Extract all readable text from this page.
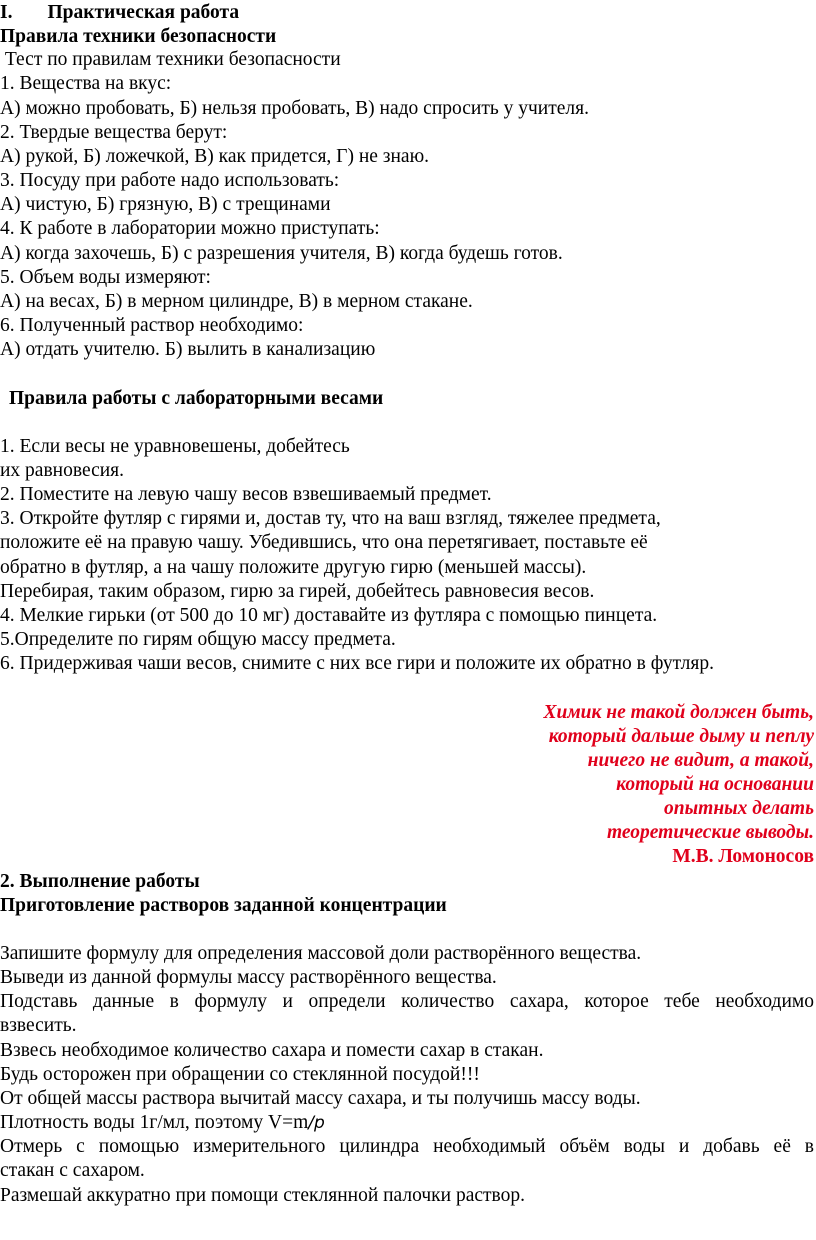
I. Практическая работа
Правила техники безопасности
Тест по правилам техники безопасности
1. Вещества на вкус:
А) можно пробовать, Б) нельзя пробовать, В) надо спросить у учителя.
2. Твердые вещества берут:
А) рукой, Б) ложечкой, В) как придется, Г) не знаю.
3. Посуду при работе надо использовать:
А) чистую, Б) грязную, В) с трещинами
4. К работе в лаборатории можно приступать:
А) когда захочешь, Б) с разрешения учителя, В) когда будешь готов.
5. Объем воды измеряют:
А) на весах, Б) в мерном цилиндре, В) в мерном стакане.
6. Полученный раствор необходимо:
А) отдать учителю. Б) вылить в канализацию
Правила работы с лабораторными весами
1. Если весы не уравновешены, добейтесь
их равновесия.
2. Поместите на левую чашу весов взвешиваемый предмет.
3. Откройте футляр с гирями и, достав ту, что на ваш взгляд, тяжелее предмета,
положите её на правую чашу. Убедившись, что она перетягивает, поставьте её
обратно в футляр, а на чашу положите другую гирю (меньшей массы).
Перебирая, таким образом, гирю за гирей, добейтесь равновесия весов.
4. Мелкие гирьки (от 500 до 10 мг) доставайте из футляра с помощью пинцета.
5.Определите по гирям общую массу предмета.
6. Придерживая чаши весов, снимите с них все гири и положите их обратно в футляр.
Химик не такой должен быть,
который дальше дыму и пеплу
ничего не видит, а такой,
который на основании
опытных делать
теоретические выводы.
М.В. Ломоносов
2. Выполнение работы
Приготовление растворов заданной концентрации
Запишите формулу для определения массовой доли растворённого вещества.
Выведи из данной формулы массу растворённого вещества.
Подставь данные в формулу и определи количество сахара, которое тебе необходимо
взвесить.
Взвесь необходимое количество сахара и помести сахар в стакан.
Будь осторожен при обращении со стеклянной посудой!!!
От общей массы раствора вычитай массу сахара, и ты получишь массу воды.
Плотность воды 1г/мл, поэтому V=m/p
Отмерь с помощью измерительного цилиндра необходимый объём воды и добавь её в
стакан с сахаром.
Размешай аккуратно при помощи стеклянной палочки раствор.
